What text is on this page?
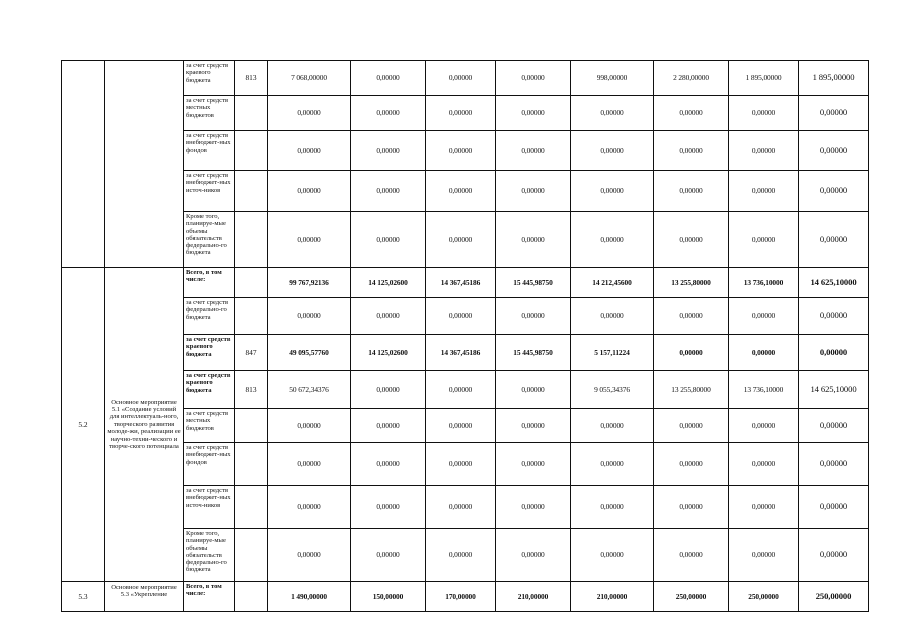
		за счет средств краевого бюджета	813	7 068,00000	0,00000	0,00000	0,00000	998,00000	2 280,00000	1 895,00000	1 895,00000
		за счет средств местных бюджетов		0,00000	0,00000	0,00000	0,00000	0,00000	0,00000	0,00000	0,00000
		за счет средств внебюджет-ных фондов		0,00000	0,00000	0,00000	0,00000	0,00000	0,00000	0,00000	0,00000
		за счет средств внебюджет-ных источ-ников		0,00000	0,00000	0,00000	0,00000	0,00000	0,00000	0,00000	0,00000
		Кроме того, планируе-мые объемы обязательств федерально-го бюджета		0,00000	0,00000	0,00000	0,00000	0,00000	0,00000	0,00000	0,00000
5.2	Основное мероприятие 5.1 «Создание условий для интеллектуаль-ного, творческого развития молоде-жи, реализации ее научно-техни-ческого и творче-ского потенциала	Всего, в том числе:		99 767,92136	14 125,02600	14 367,45186	15 445,98750	14 212,45600	13 255,80000	13 736,10000	14 625,10000
		за счет средств федерально-го бюджета		0,00000	0,00000	0,00000	0,00000	0,00000	0,00000	0,00000	0,00000
		за счет средств краевого бюджета	847	49 095,57760	14 125,02600	14 367,45186	15 445,98750	5 157,11224	0,00000	0,00000	0,00000
		за счет средств краевого бюджета	813	50 672,34376	0,00000	0,00000	0,00000	9 055,34376	13 255,80000	13 736,10000	14 625,10000
		за счет средств местных бюджетов		0,00000	0,00000	0,00000	0,00000	0,00000	0,00000	0,00000	0,00000
		за счет средств внебюджет-ных фондов		0,00000	0,00000	0,00000	0,00000	0,00000	0,00000	0,00000	0,00000
		за счет средств внебюджет-ных источ-ников		0,00000	0,00000	0,00000	0,00000	0,00000	0,00000	0,00000	0,00000
		Кроме того, планируе-мые объемы обязательств федерально-го бюджета		0,00000	0,00000	0,00000	0,00000	0,00000	0,00000	0,00000	0,00000
5.3	Основное мероприятие 5.3 «Укрепление	Всего, в том числе:		1 490,00000	150,00000	170,00000	210,00000	210,00000	250,00000	250,00000	250,00000
